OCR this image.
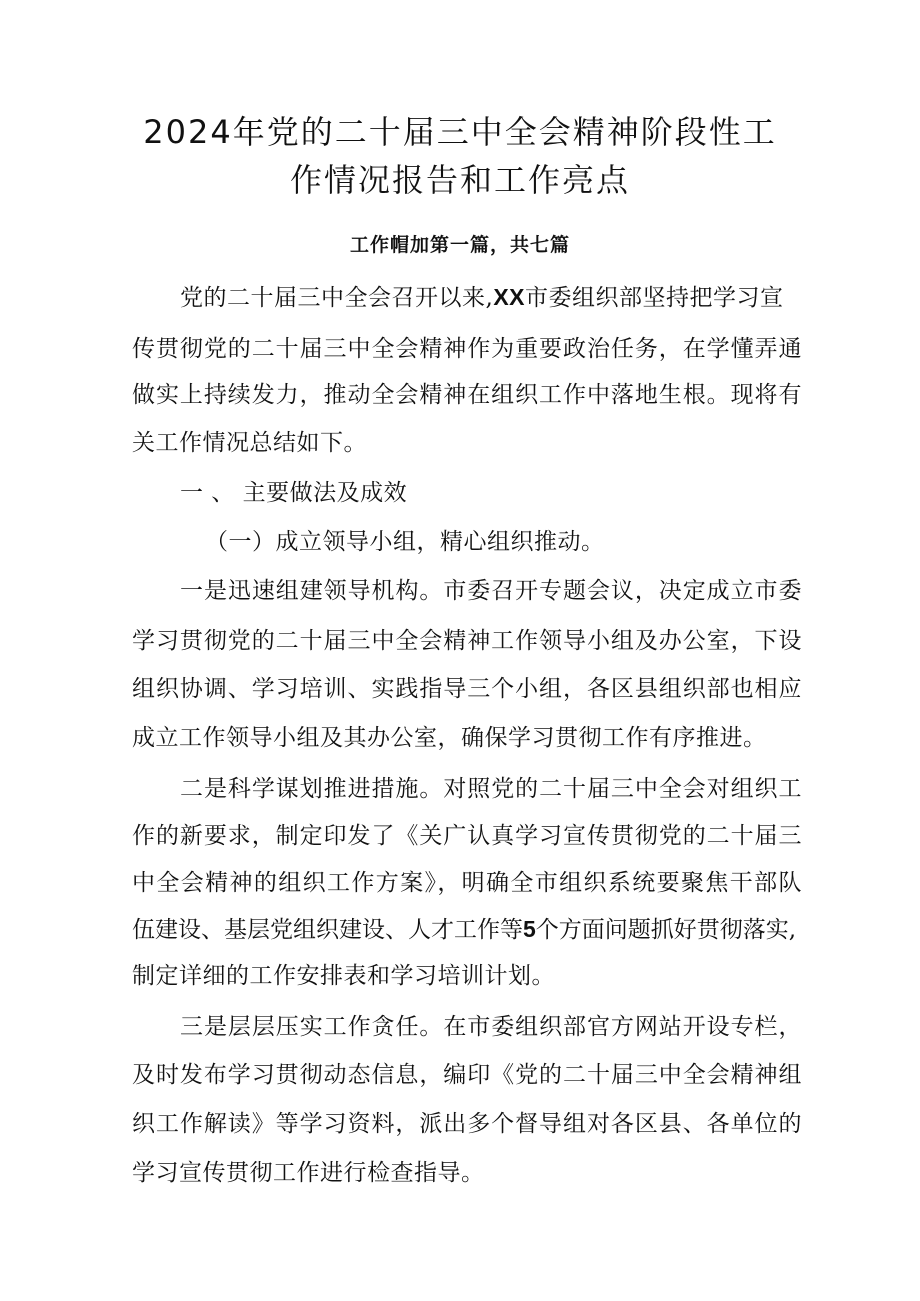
2024年党的二十届三中全会精神阶段性工
作情况报告和工作亮点
工作帽加第一篇，共七篇
党的二十届三中全会召开以来,XX市委组织部坚持把学习宣
传贯彻党的二十届三中全会精神作为重要政治任务，在学懂弄通
做实上持续发力，推动全会精神在组织工作中落地生根。现将有
关工作情况总结如下。
一 、 主要做法及成效
（一）成立领导小组，精心组织推动。
一是迅速组建领导机构。市委召开专题会议，决定成立市委
学习贯彻党的二十届三中全会精神工作领导小组及办公室，下设
组织协调、学习培训、实践指导三个小组，各区县组织部也相应
成立工作领导小组及其办公室，确保学习贯彻工作有序推进。
二是科学谋划推进措施。对照党的二十届三中全会对组织工
作的新要求，制定印发了《关广认真学习宣传贯彻党的二十届三
中全会精神的组织工作方案》，明确全市组织系统要聚焦干部队
伍建设、基层党组织建设、人才工作等5个方面问题抓好贯彻落实,
制定详细的工作安排表和学习培训计划。
三是层层压实工作贪任。在市委组织部官方网站开设专栏，
及时发布学习贯彻动态信息，编印《党的二十届三中全会精神组
织工作解读》等学习资料，派出多个督导组对各区县、各单位的
学习宣传贯彻工作进行检查指导。
